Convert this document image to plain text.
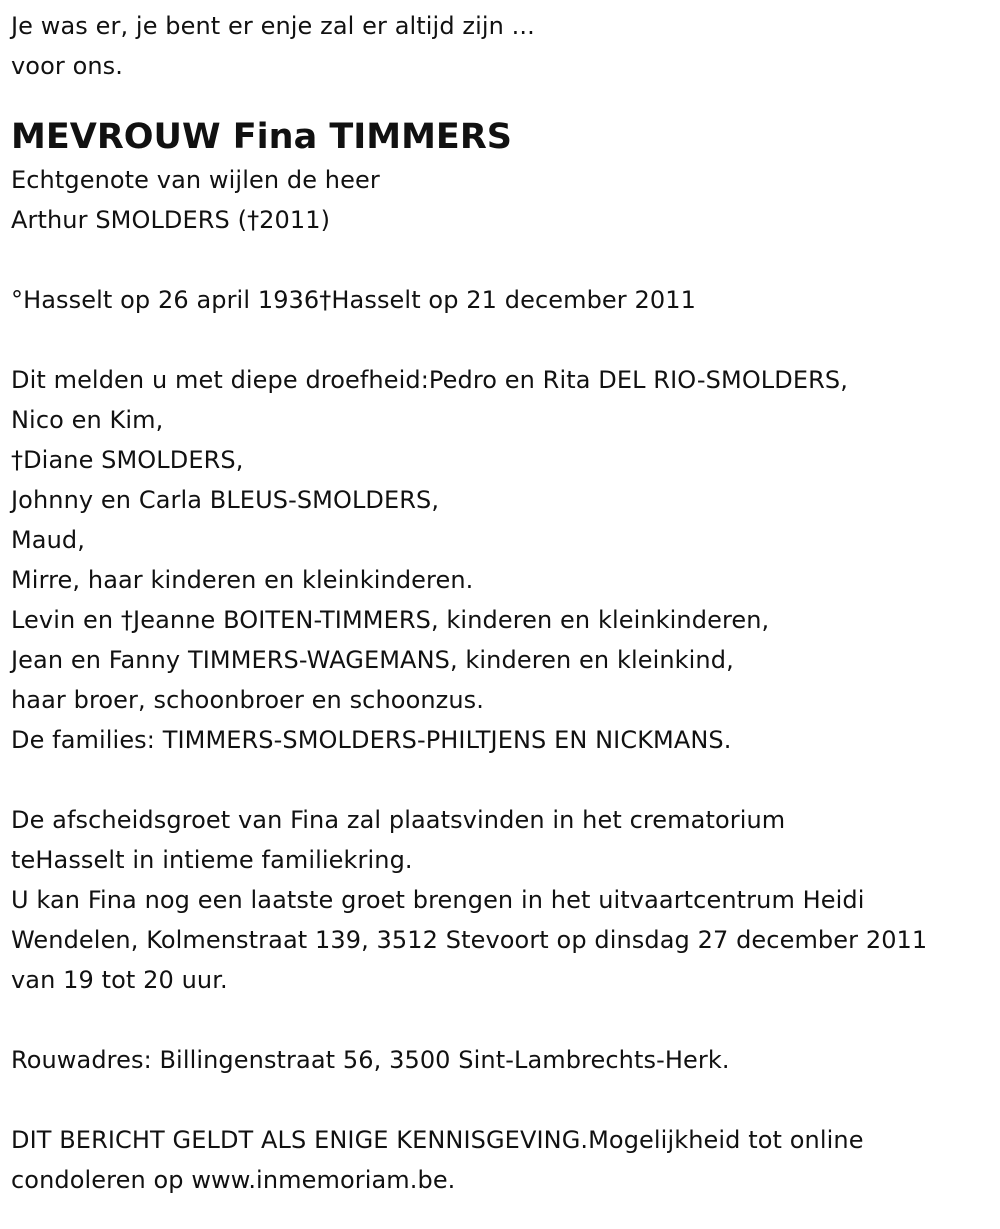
Je was er, je bent er enje zal er altijd zijn ...
voor ons.
MEVROUW Fina TIMMERS
Echtgenote van wijlen de heer
Arthur SMOLDERS (†2011)
°Hasselt op 26 april 1936†Hasselt op 21 december 2011
Dit melden u met diepe droefheid:Pedro en Rita DEL RIO-SMOLDERS,
Nico en Kim,
†Diane SMOLDERS,
Johnny en Carla BLEUS-SMOLDERS,
Maud,
Mirre, haar kinderen en kleinkinderen.
Levin en †Jeanne BOITEN-TIMMERS, kinderen en kleinkinderen,
Jean en Fanny TIMMERS-WAGEMANS, kinderen en kleinkind,
haar broer, schoonbroer en schoonzus.
De families: TIMMERS-SMOLDERS-PHILTJENS EN NICKMANS.
De afscheidsgroet van Fina zal plaatsvinden in het crematorium
teHasselt in intieme familiekring.
U kan Fina nog een laatste groet brengen in het uitvaartcentrum Heidi
Wendelen, Kolmenstraat 139, 3512 Stevoort op dinsdag 27 december 2011
van 19 tot 20 uur.
Rouwadres: Billingenstraat 56, 3500 Sint-Lambrechts-Herk.
DIT BERICHT GELDT ALS ENIGE KENNISGEVING.Mogelijkheid tot online
condoleren op www.inmemoriam.be.
